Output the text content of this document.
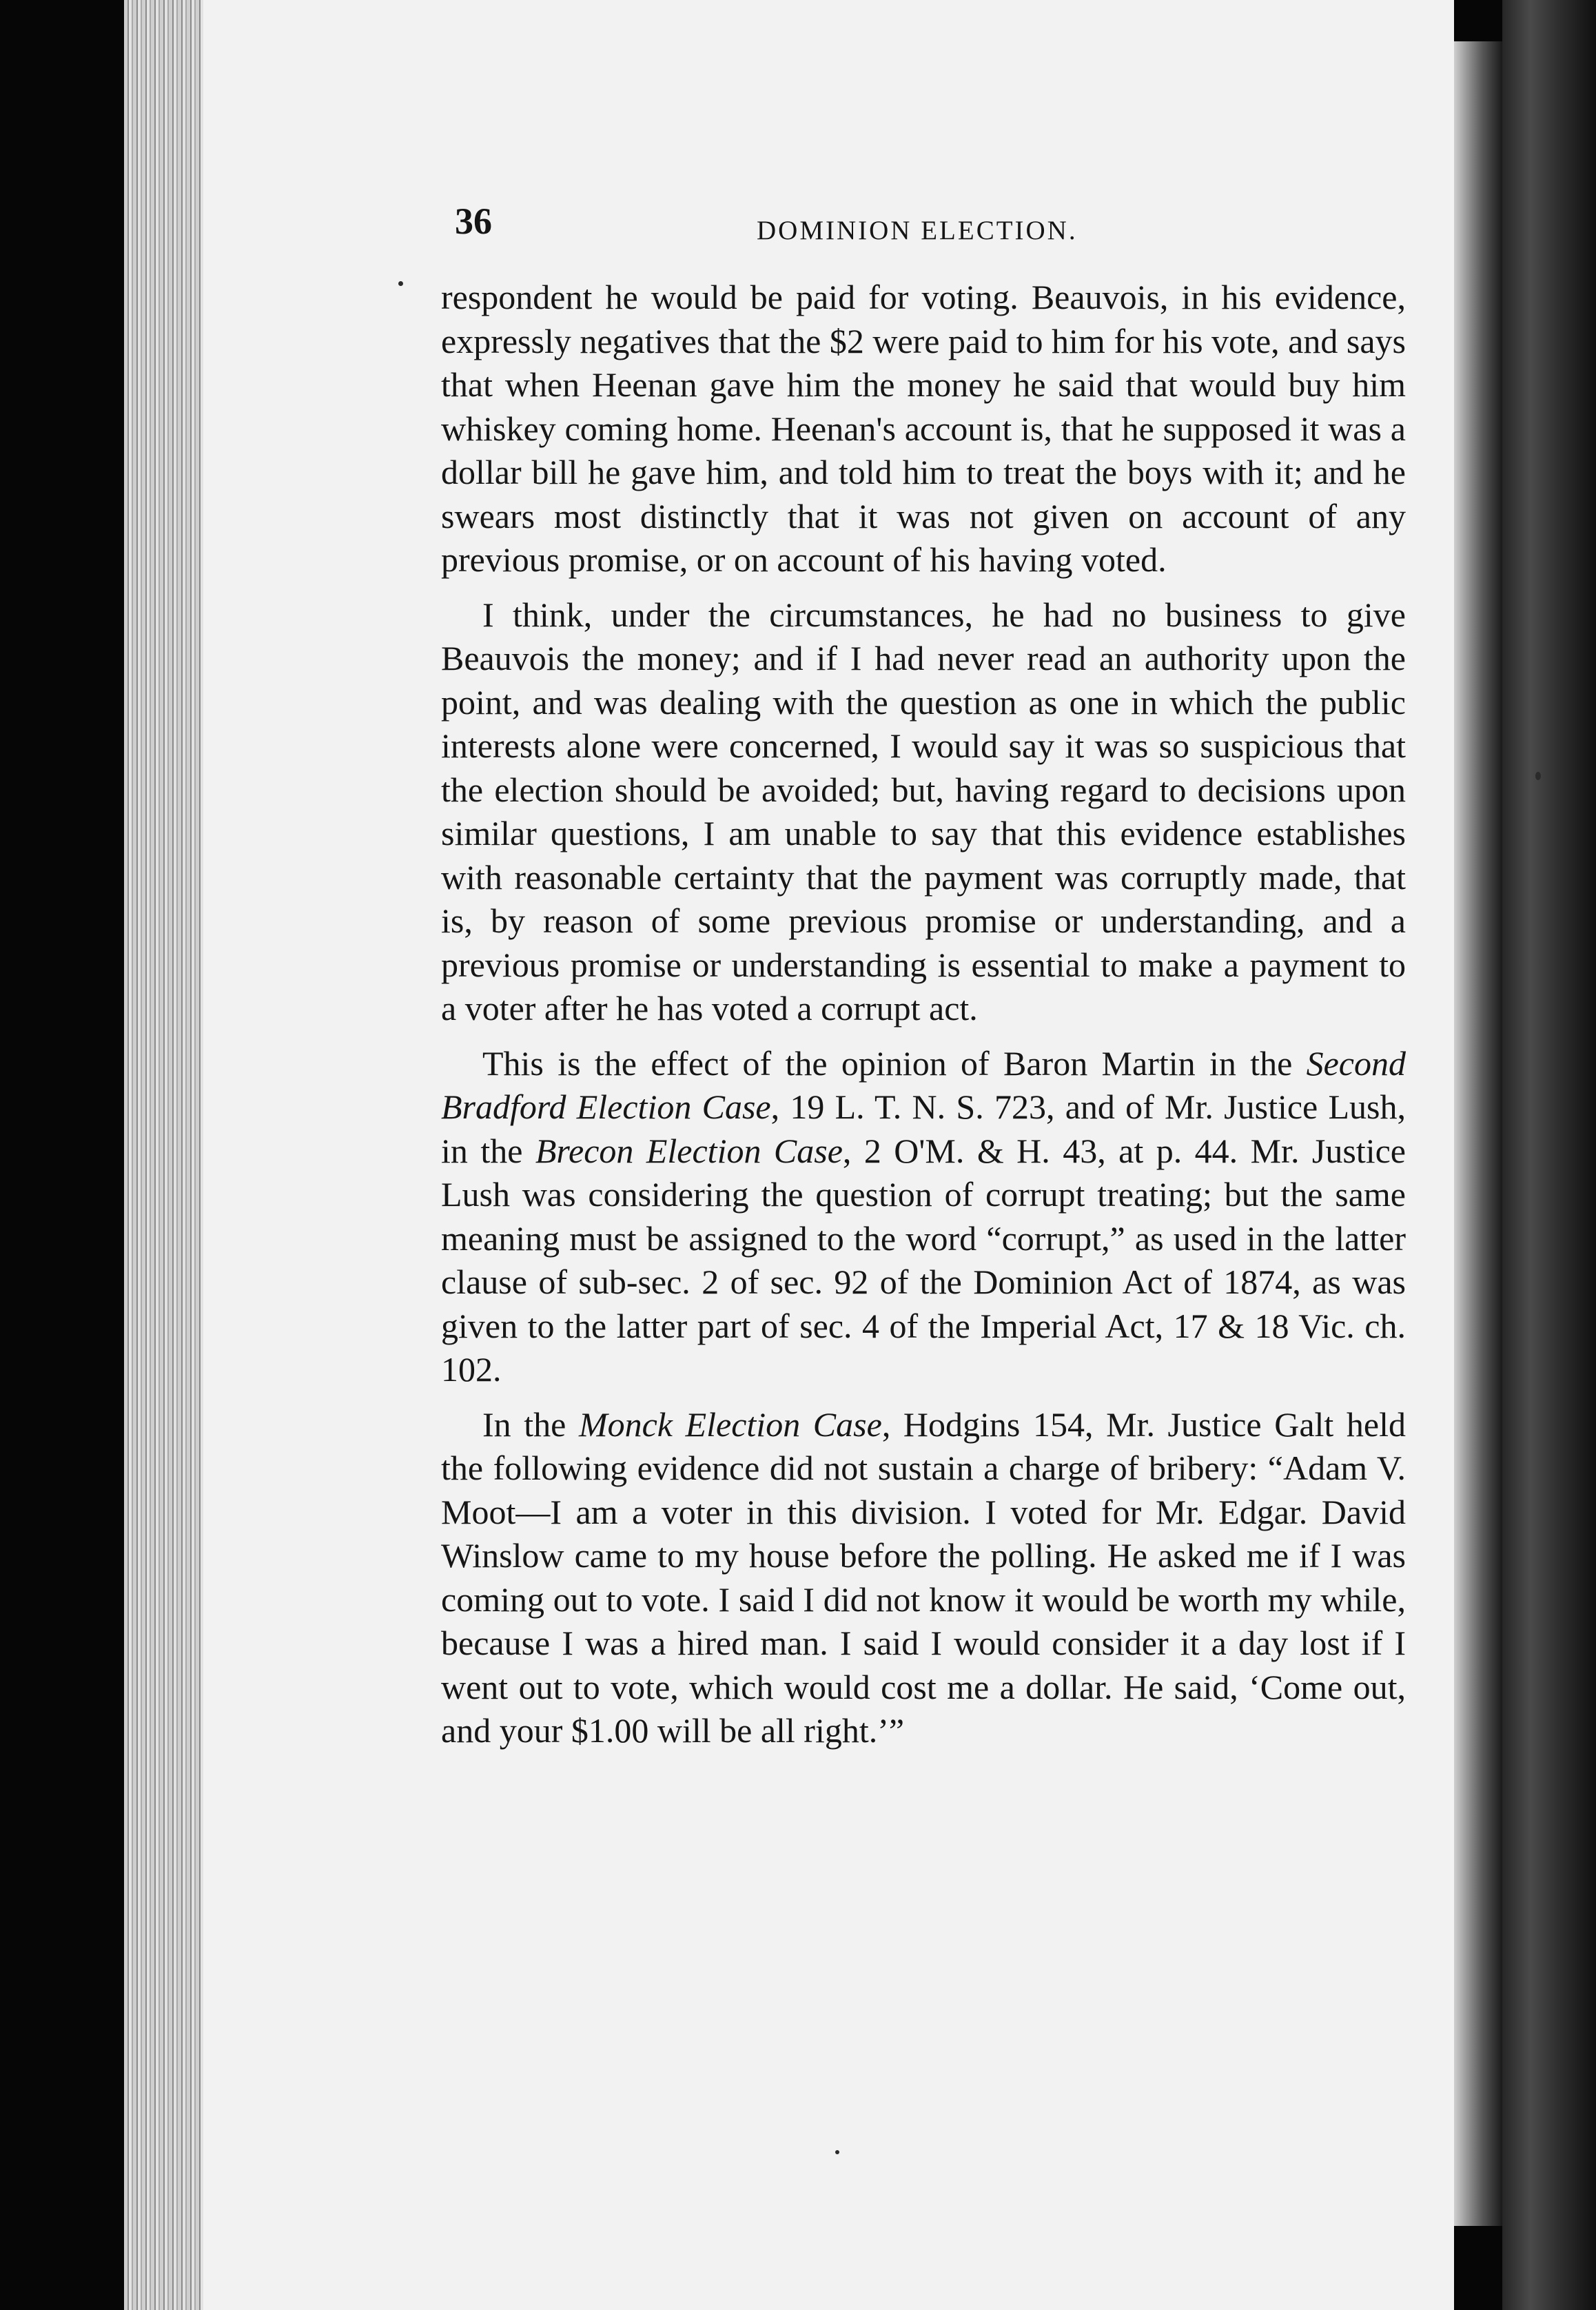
36	DOMINION ELECTION.

respondent he would be paid for voting. Beauvois, in his evidence, expressly negatives that the $2 were paid to him for his vote, and says that when Heenan gave him the money he said that would buy him whiskey coming home. Heenan's account is, that he supposed it was a dollar bill he gave him, and told him to treat the boys with it; and he swears most distinctly that it was not given on account of any previous promise, or on account of his having voted.

I think, under the circumstances, he had no business to give Beauvois the money; and if I had never read an authority upon the point, and was dealing with the question as one in which the public interests alone were concerned, I would say it was so suspicious that the election should be avoided; but, having regard to decisions upon similar questions, I am unable to say that this evidence establishes with reasonable certainty that the payment was corruptly made, that is, by reason of some previous promise or understanding, and a previous promise or understanding is essential to make a payment to a voter after he has voted a corrupt act.

This is the effect of the opinion of Baron Martin in the Second Bradford Election Case, 19 L. T. N. S. 723, and of Mr. Justice Lush, in the Brecon Election Case, 2 O'M. & H. 43, at p. 44. Mr. Justice Lush was considering the question of corrupt treating; but the same meaning must be assigned to the word “corrupt,” as used in the latter clause of sub-sec. 2 of sec. 92 of the Dominion Act of 1874, as was given to the latter part of sec. 4 of the Imperial Act, 17 & 18 Vic. ch. 102.

In the Monck Election Case, Hodgins 154, Mr. Justice Galt held the following evidence did not sustain a charge of bribery: “Adam V. Moot—I am a voter in this division. I voted for Mr. Edgar. David Winslow came to my house before the polling. He asked me if I was coming out to vote. I said I did not know it would be worth my while, because I was a hired man. I said I would consider it a day lost if I went out to vote, which would cost me a dollar. He said, ‘Come out, and your $1.00 will be all right.’”
